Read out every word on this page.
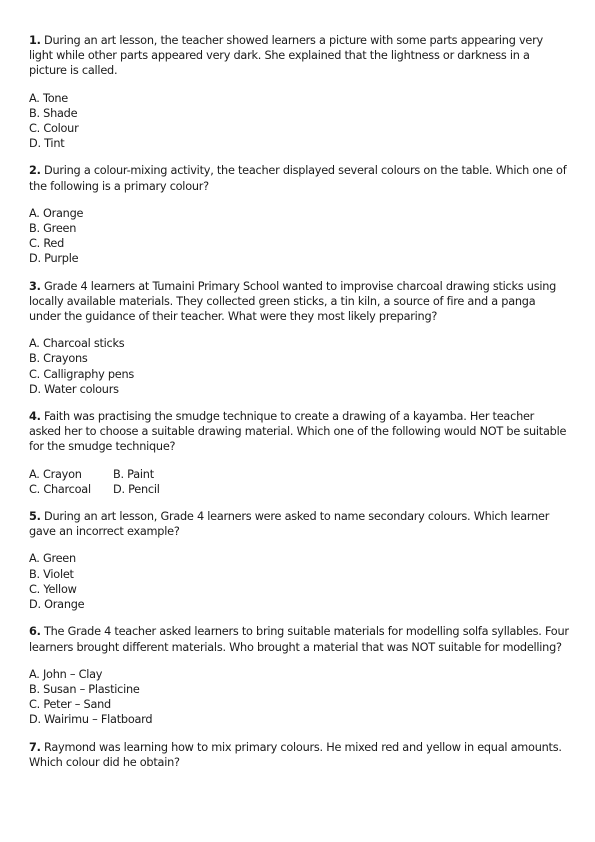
1. During an art lesson, the teacher showed learners a picture with some parts appearing very light while other parts appeared very dark. She explained that the lightness or darkness in a picture is called.

A. Tone
B. Shade
C. Colour
D. Tint

2. During a colour-mixing activity, the teacher displayed several colours on the table. Which one of the following is a primary colour?

A. Orange
B. Green
C. Red
D. Purple

3. Grade 4 learners at Tumaini Primary School wanted to improvise charcoal drawing sticks using locally available materials. They collected green sticks, a tin kiln, a source of fire and a panga under the guidance of their teacher. What were they most likely preparing?

A. Charcoal sticks
B. Crayons
C. Calligraphy pens
D. Water colours

4. Faith was practising the smudge technique to create a drawing of a kayamba. Her teacher asked her to choose a suitable drawing material. Which one of the following would NOT be suitable for the smudge technique?

A. Crayon	B. Paint
C. Charcoal D. Pencil

5. During an art lesson, Grade 4 learners were asked to name secondary colours. Which learner gave an incorrect example?

A. Green
B. Violet
C. Yellow
D. Orange

6. The Grade 4 teacher asked learners to bring suitable materials for modelling solfa syllables. Four learners brought different materials. Who brought a material that was NOT suitable for modelling?

A. John – Clay
B. Susan – Plasticine
C. Peter – Sand
D. Wairimu – Flatboard

7. Raymond was learning how to mix primary colours. He mixed red and yellow in equal amounts. Which colour did he obtain?
